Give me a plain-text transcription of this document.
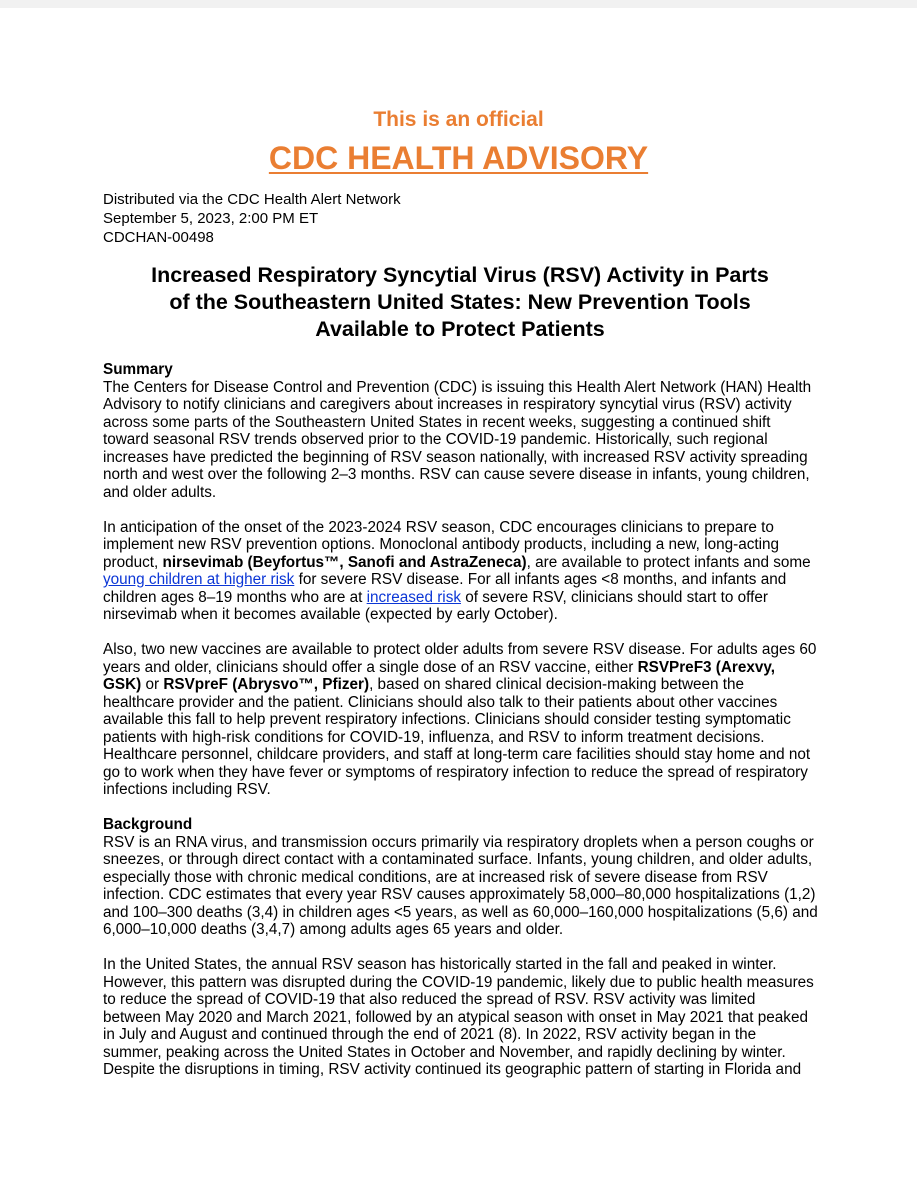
This is an official
CDC HEALTH ADVISORY
Distributed via the CDC Health Alert Network
September 5, 2023, 2:00 PM ET
CDCHAN-00498
Increased Respiratory Syncytial Virus (RSV) Activity in Parts
of the Southeastern United States: New Prevention Tools
Available to Protect Patients
Summary
The Centers for Disease Control and Prevention (CDC) is issuing this Health Alert Network (HAN) Health
Advisory to notify clinicians and caregivers about increases in respiratory syncytial virus (RSV) activity
across some parts of the Southeastern United States in recent weeks, suggesting a continued shift
toward seasonal RSV trends observed prior to the COVID-19 pandemic. Historically, such regional
increases have predicted the beginning of RSV season nationally, with increased RSV activity spreading
north and west over the following 2–3 months. RSV can cause severe disease in infants, young children,
and older adults.
In anticipation of the onset of the 2023-2024 RSV season, CDC encourages clinicians to prepare to
implement new RSV prevention options. Monoclonal antibody products, including a new, long-acting
product, nirsevimab (Beyfortus™, Sanofi and AstraZeneca), are available to protect infants and some
young children at higher risk for severe RSV disease. For all infants ages <8 months, and infants and
children ages 8–19 months who are at increased risk of severe RSV, clinicians should start to offer
nirsevimab when it becomes available (expected by early October).
Also, two new vaccines are available to protect older adults from severe RSV disease. For adults ages 60
years and older, clinicians should offer a single dose of an RSV vaccine, either RSVPreF3 (Arexvy,
GSK) or RSVpreF (Abrysvo™, Pfizer), based on shared clinical decision-making between the
healthcare provider and the patient. Clinicians should also talk to their patients about other vaccines
available this fall to help prevent respiratory infections. Clinicians should consider testing symptomatic
patients with high-risk conditions for COVID-19, influenza, and RSV to inform treatment decisions.
Healthcare personnel, childcare providers, and staff at long-term care facilities should stay home and not
go to work when they have fever or symptoms of respiratory infection to reduce the spread of respiratory
infections including RSV.
Background
RSV is an RNA virus, and transmission occurs primarily via respiratory droplets when a person coughs or
sneezes, or through direct contact with a contaminated surface. Infants, young children, and older adults,
especially those with chronic medical conditions, are at increased risk of severe disease from RSV
infection. CDC estimates that every year RSV causes approximately 58,000–80,000 hospitalizations (1,2)
and 100–300 deaths (3,4) in children ages <5 years, as well as 60,000–160,000 hospitalizations (5,6) and
6,000–10,000 deaths (3,4,7) among adults ages 65 years and older.
In the United States, the annual RSV season has historically started in the fall and peaked in winter.
However, this pattern was disrupted during the COVID-19 pandemic, likely due to public health measures
to reduce the spread of COVID-19 that also reduced the spread of RSV. RSV activity was limited
between May 2020 and March 2021, followed by an atypical season with onset in May 2021 that peaked
in July and August and continued through the end of 2021 (8). In 2022, RSV activity began in the
summer, peaking across the United States in October and November, and rapidly declining by winter.
Despite the disruptions in timing, RSV activity continued its geographic pattern of starting in Florida and
